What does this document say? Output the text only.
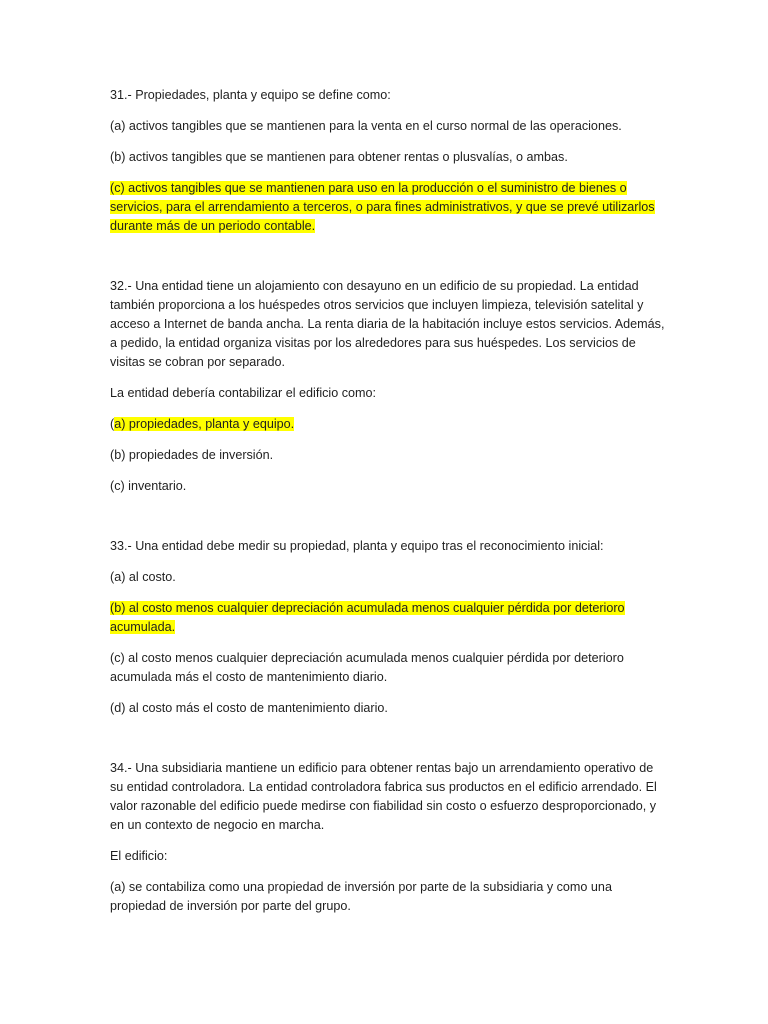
31.- Propiedades, planta y equipo se define como:

(a) activos tangibles que se mantienen para la venta en el curso normal de las operaciones.

(b) activos tangibles que se mantienen para obtener rentas o plusvalías, o ambas.

(c) activos tangibles que se mantienen para uso en la producción o el suministro de bienes o servicios, para el arrendamiento a terceros, o para fines administrativos, y que se prevé utilizarlos durante más de un periodo contable.

32.- Una entidad tiene un alojamiento con desayuno en un edificio de su propiedad. La entidad también proporciona a los huéspedes otros servicios que incluyen limpieza, televisión satelital y acceso a Internet de banda ancha. La renta diaria de la habitación incluye estos servicios. Además, a pedido, la entidad organiza visitas por los alrededores para sus huéspedes. Los servicios de visitas se cobran por separado.

La entidad debería contabilizar el edificio como:

(a) propiedades, planta y equipo.

(b) propiedades de inversión.

(c) inventario.

33.- Una entidad debe medir su propiedad, planta y equipo tras el reconocimiento inicial:

(a) al costo.

(b) al costo menos cualquier depreciación acumulada menos cualquier pérdida por deterioro acumulada.

(c) al costo menos cualquier depreciación acumulada menos cualquier pérdida por deterioro acumulada más el costo de mantenimiento diario.

(d) al costo más el costo de mantenimiento diario.

34.- Una subsidiaria mantiene un edificio para obtener rentas bajo un arrendamiento operativo de su entidad controladora. La entidad controladora fabrica sus productos en el edificio arrendado. El valor razonable del edificio puede medirse con fiabilidad sin costo o esfuerzo desproporcionado, y en un contexto de negocio en marcha.

El edificio:

(a) se contabiliza como una propiedad de inversión por parte de la subsidiaria y como una propiedad de inversión por parte del grupo.
